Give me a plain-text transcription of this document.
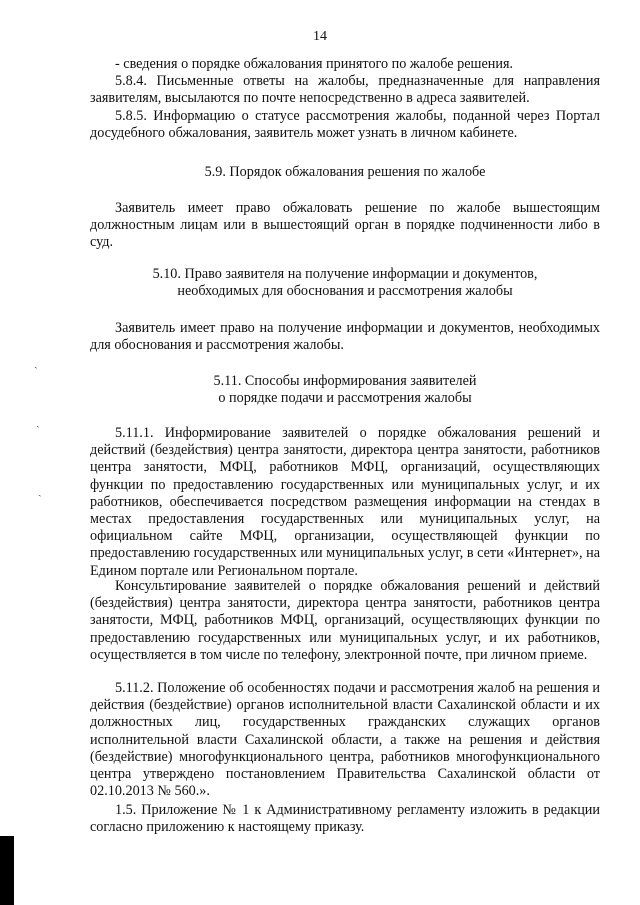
14

- сведения о порядке обжалования принятого по жалобе решения.

5.8.4. Письменные ответы на жалобы, предназначенные для направления заявителям, высылаются по почте непосредственно в адреса заявителей.

5.8.5. Информацию о статусе рассмотрения жалобы, поданной через Портал досудебного обжалования, заявитель может узнать в личном кабинете.

5.9. Порядок обжалования решения по жалобе

Заявитель имеет право обжаловать решение по жалобе вышестоящим должностным лицам или в вышестоящий орган в порядке подчиненности либо в суд.

5.10. Право заявителя на получение информации и документов,

необходимых для обоснования и рассмотрения жалобы

Заявитель имеет право на получение информации и документов, необходимых для обоснования и рассмотрения жалобы.

5.11. Способы информирования заявителей

о порядке подачи и рассмотрения жалобы

5.11.1. Информирование заявителей о порядке обжалования решений и действий (бездействия) центра занятости, директора центра занятости, работников центра занятости, МФЦ, работников МФЦ, организаций, осуществляющих функции по предоставлению государственных или муниципальных услуг, и их работников, обеспечивается посредством размещения информации на стендах в местах предоставления государственных или муниципальных услуг, на официальном сайте МФЦ, организации, осуществляющей функции по предоставлению государственных или муниципальных услуг, в сети «Интернет», на Едином портале или Региональном портале.

Консультирование заявителей о порядке обжалования решений и действий (бездействия) центра занятости, директора центра занятости, работников центра занятости, МФЦ, работников МФЦ, организаций, осуществляющих функции по предоставлению государственных или муниципальных услуг, и их работников, осуществляется в том числе по телефону, электронной почте, при личном приеме.

5.11.2. Положение об особенностях подачи и рассмотрения жалоб на решения и действия (бездействие) органов исполнительной власти Сахалинской области и их должностных лиц, государственных гражданских служащих органов исполнительной власти Сахалинской области, а также на решения и действия (бездействие) многофункционального центра, работников многофункционального центра утверждено постановлением Правительства Сахалинской области от 02.10.2013 № 560.».

1.5. Приложение № 1 к Административному регламенту изложить в редакции согласно приложению к настоящему приказу.

ˏ
ˏ
ˏ
